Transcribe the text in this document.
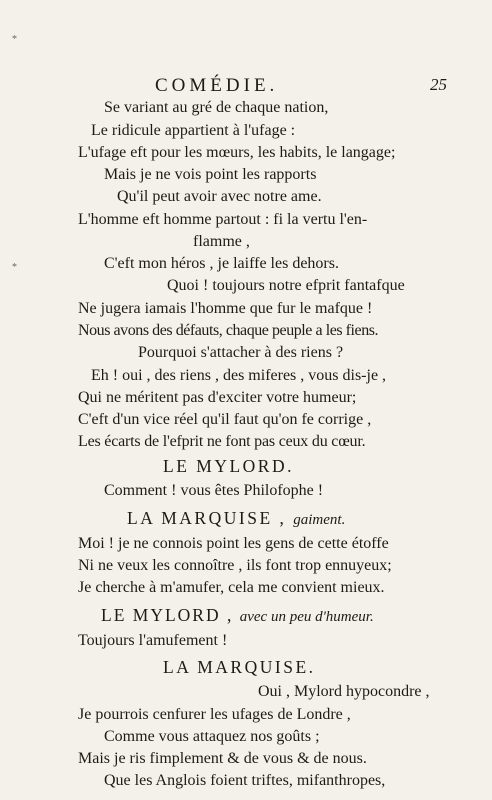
*
*
COMÉDIE.	25
Se variant au gré de chaque nation,
Le ridicule appartient à l'ufage :
L'ufage eft pour les mœurs, les habits, le langage;
Mais je ne vois point les rapports
Qu'il peut avoir avec notre ame.
L'homme eft homme partout : fi la vertu l'en-
flamme ,
C'eft mon héros , je laiffe les dehors.
Quoi ! toujours notre efprit fantafque
Ne jugera iamais l'homme que fur le mafque !
Nous avons des défauts, chaque peuple a les fiens.
Pourquoi s'attacher à des riens ?
Eh ! oui , des riens , des miferes , vous dis-je ,
Qui ne méritent pas d'exciter votre humeur;
C'eft d'un vice réel qu'il faut qu'on fe corrige ,
Les écarts de l'efprit ne font pas ceux du cœur.
LE MYLORD.
Comment ! vous êtes Philofophe !
LA MARQUISE , gaiment.
Moi ! je ne connois point les gens de cette étoffe
Ni ne veux les connoître , ils font trop ennuyeux;
Je cherche à m'amufer, cela me convient mieux.
LE MYLORD , avec un peu d'humeur.
Toujours l'amufement !
LA MARQUISE.
Oui , Mylord hypocondre ,
Je pourrois cenfurer les ufages de Londre ,
Comme vous attaquez nos goûts ;
Mais je ris fimplement & de vous & de nous.
Que les Anglois foient triftes, mifanthropes,
